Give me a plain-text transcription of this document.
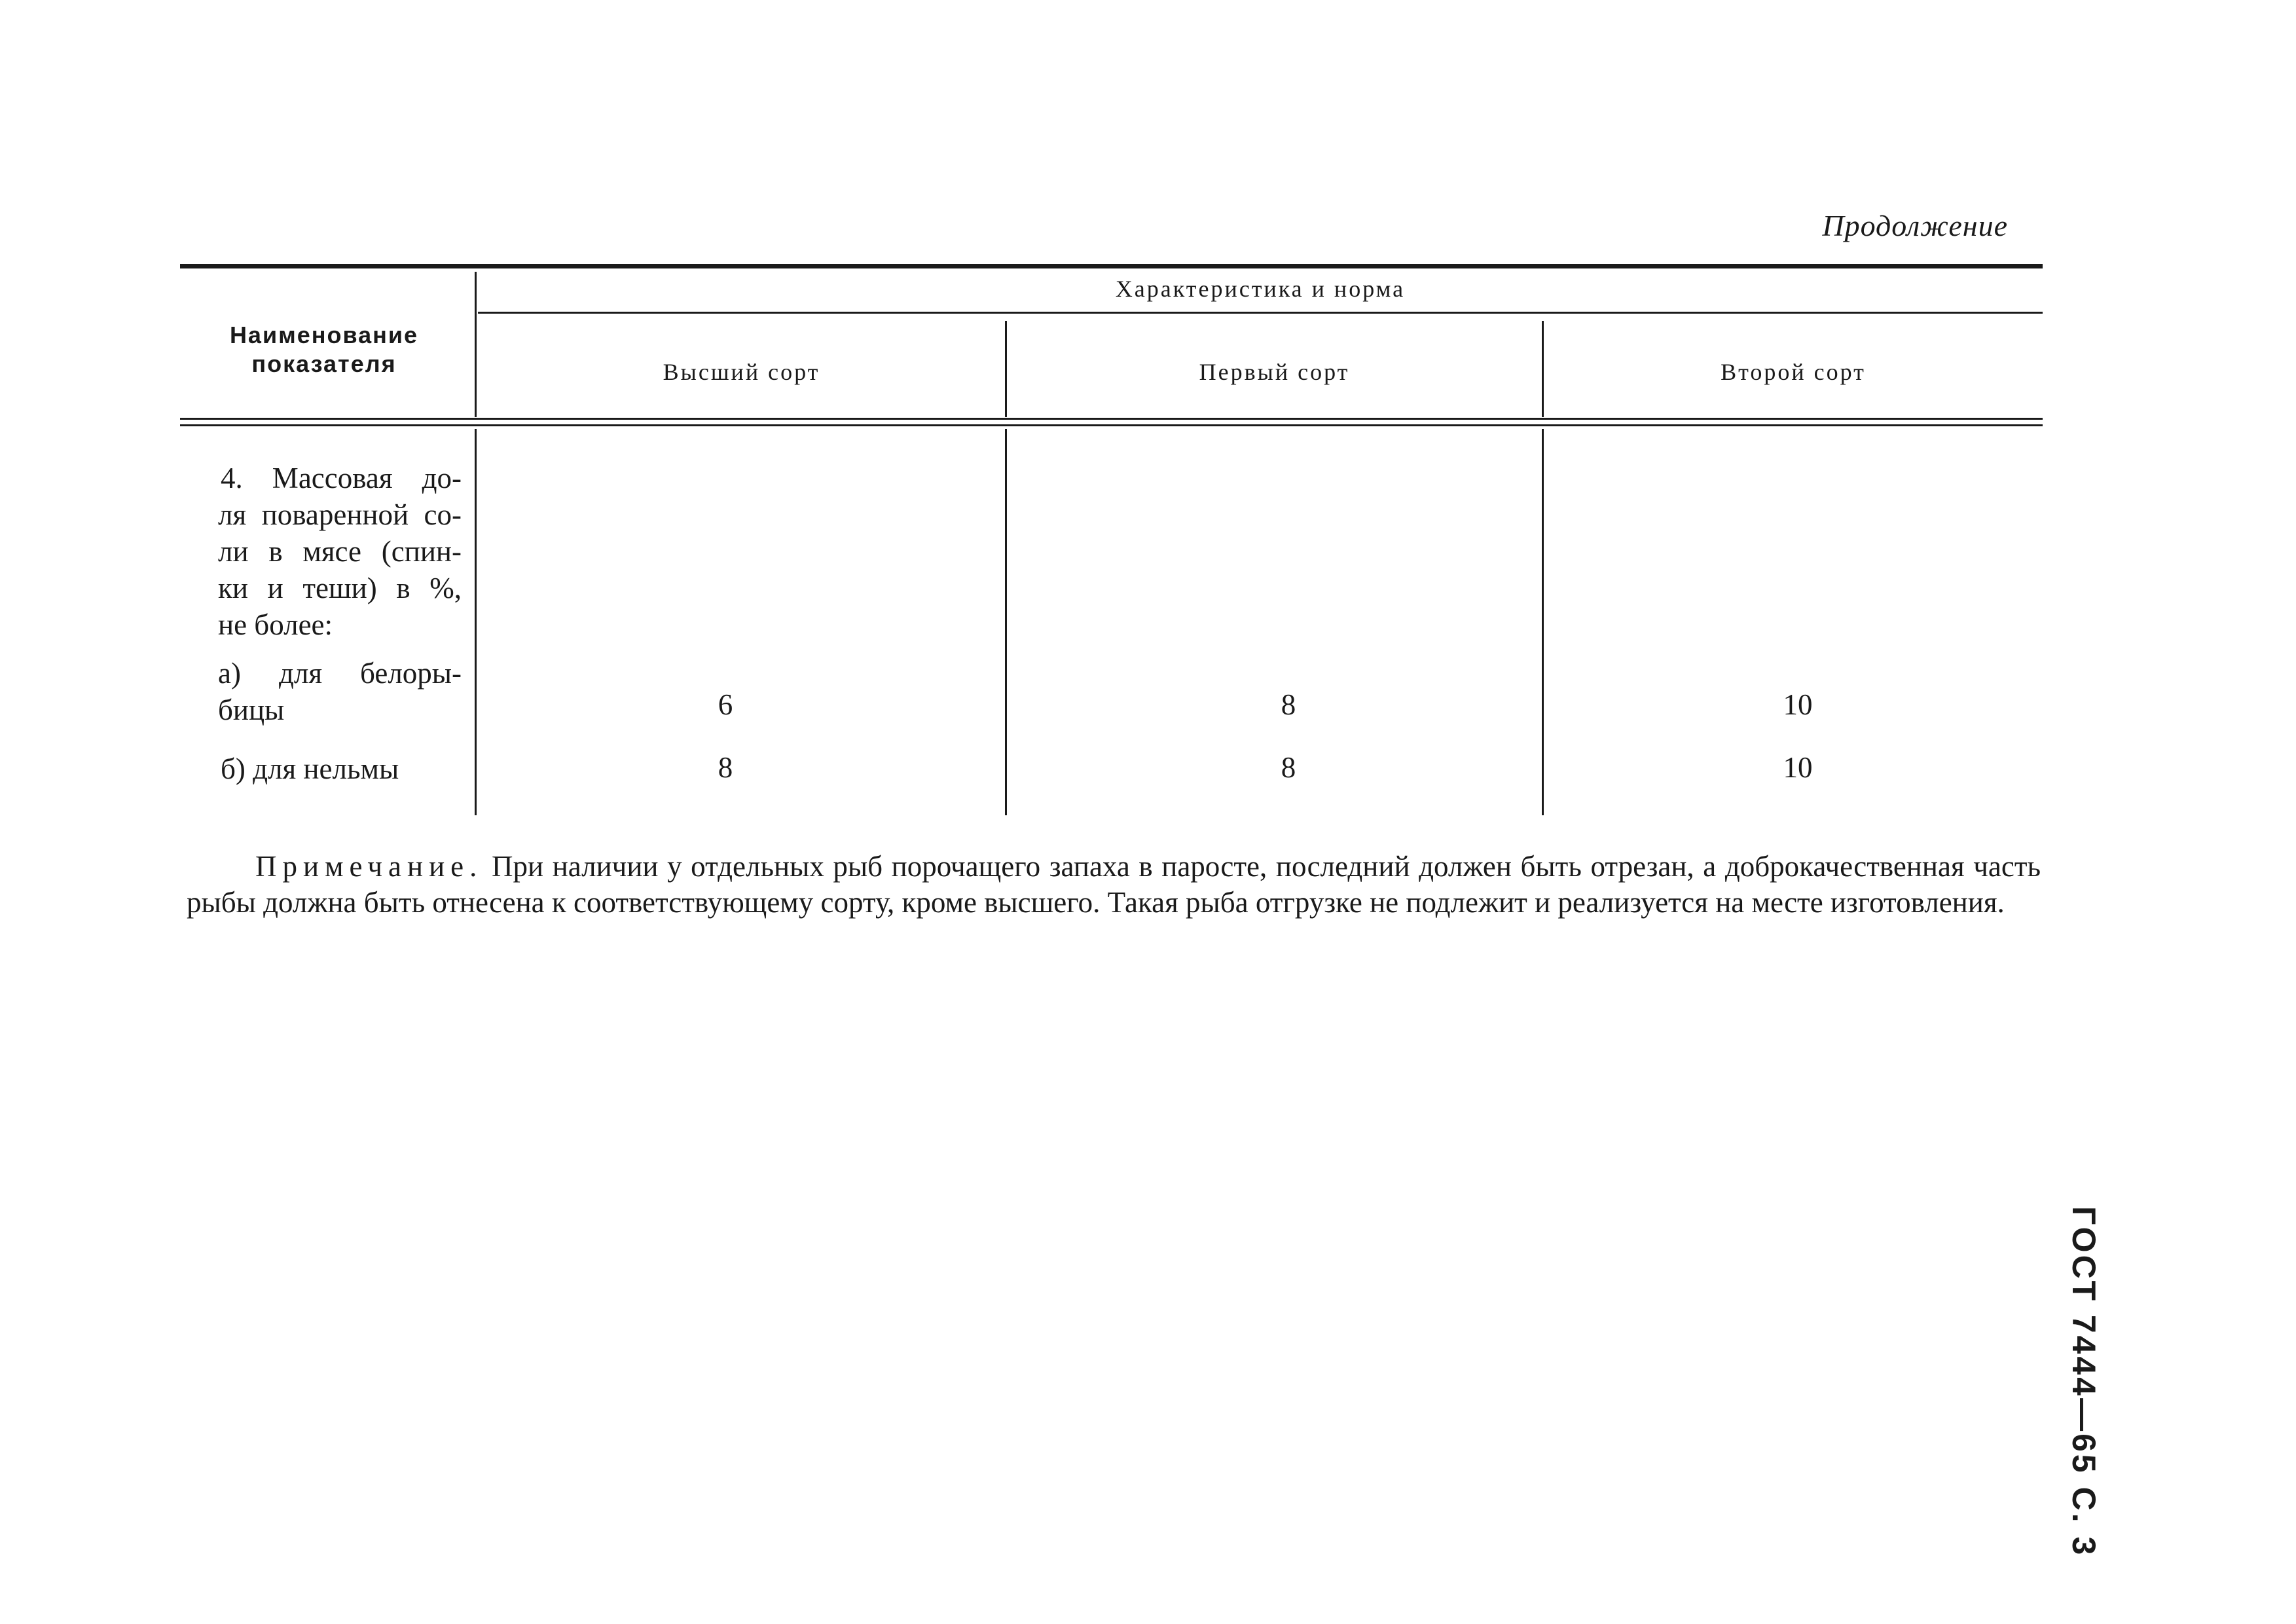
Продолжение
Наименование показателя
Характеристика и норма
Высший сорт	Первый сорт	Второй сорт
4. Массовая до-
ля поваренной со-
ли в мясе (спин-
ки и теши) в %,
не более:
а) для белоры-
бицы	6	8	10
б) для нельмы	8	8	10
Примечание. При наличии у отдельных рыб порочащего запаха в паросте, последний должен быть отрезан, а доброкачественная часть рыбы должна быть отнесена к соответствующему сорту, кроме высшего. Такая рыба отгрузке не подлежит и реализуется на месте изготовления.
ГОСТ 7444—65 С. 3
